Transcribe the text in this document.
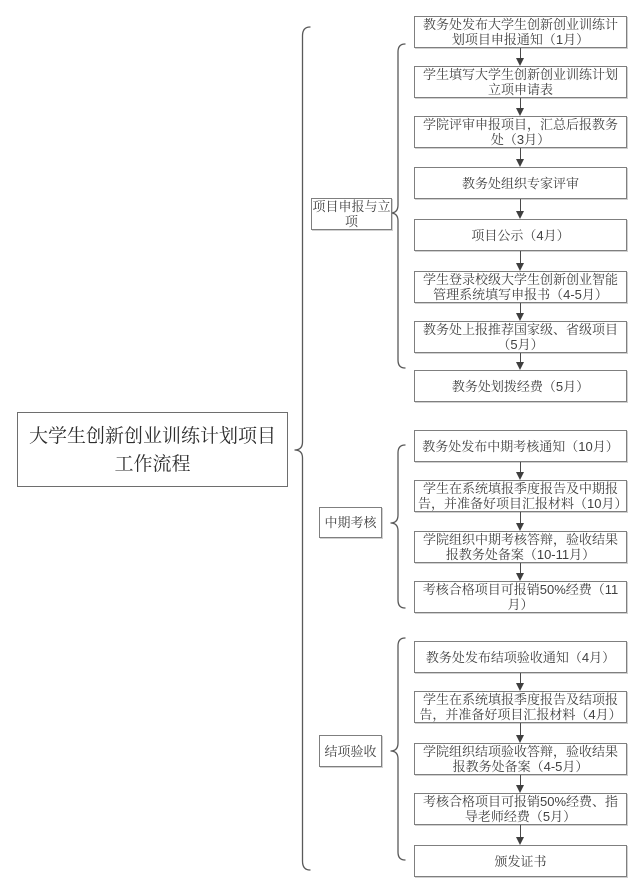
大学生创新创业训练计划项目
工作流程
项目申报与立项
中期考核
结项验收
教务处发布大学生创新创业训练计划项目申报通知（1月）
学生填写大学生创新创业训练计划立项申请表
学院评审申报项目，汇总后报教务处（3月）
教务处组织专家评审
项目公示（4月）
学生登录校级大学生创新创业智能管理系统填写申报书（4-5月）
教务处上报推荐国家级、省级项目（5月）
教务处划拨经费（5月）
教务处发布中期考核通知（10月）
学生在系统填报季度报告及中期报告，并准备好项目汇报材料（10月）
学院组织中期考核答辩，验收结果报教务处备案（10-11月）
考核合格项目可报销50%经费（11月）
教务处发布结项验收通知（4月）
学生在系统填报季度报告及结项报告，并准备好项目汇报材料（4月）
学院组织结项验收答辩，验收结果报教务处备案（4-5月）
考核合格项目可报销50%经费、指导老师经费（5月）
颁发证书
